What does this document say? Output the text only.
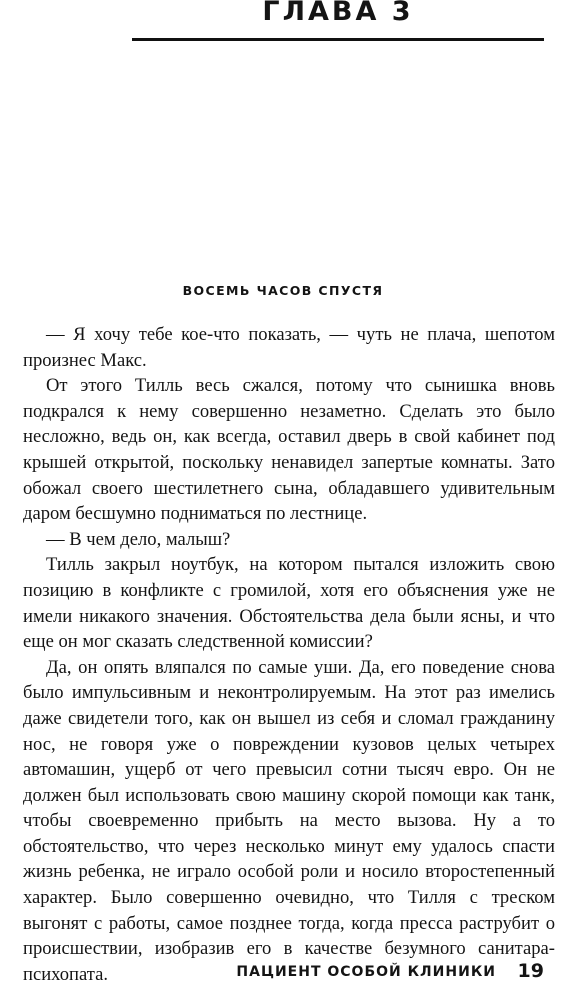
ГЛАВА 3
ВОСЕМЬ ЧАСОВ СПУСТЯ

— Я хочу тебе кое-что показать, — чуть не плача, шепотом произнес Макс.

От этого Тилль весь сжался, потому что сынишка вновь подкрался к нему совершенно незаметно. Сделать это было несложно, ведь он, как всегда, оставил дверь в свой кабинет под крышей открытой, поскольку ненавидел запертые комнаты. Зато обожал своего шестилетнего сына, обладавшего удивительным даром бесшумно подниматься по лестнице.

— В чем дело, малыш?

Тилль закрыл ноутбук, на котором пытался изложить свою позицию в конфликте с громилой, хотя его объяснения уже не имели никакого значения. Обстоятельства дела были ясны, и что еще он мог сказать следственной комиссии?

Да, он опять вляпался по самые уши. Да, его поведение снова было импульсивным и неконтролируемым. На этот раз имелись даже свидетели того, как он вышел из себя и сломал гражданину нос, не говоря уже о повреждении кузовов целых четырех автомашин, ущерб от чего превысил сотни тысяч евро. Он не должен был использовать свою машину скорой помощи как танк, чтобы своевременно прибыть на место вызова. Ну а то обстоятельство, что через несколько минут ему удалось спасти жизнь ребенка, не играло особой роли и носило второстепенный характер. Было совершенно очевидно, что Тилля с треском выгонят с работы, самое позднее тогда, когда пресса раструбит о происшествии, изобразив его в качестве безумного санитара-психопата.	ПАЦИЕНТ ОСОБОЙ КЛИНИКИ 19
